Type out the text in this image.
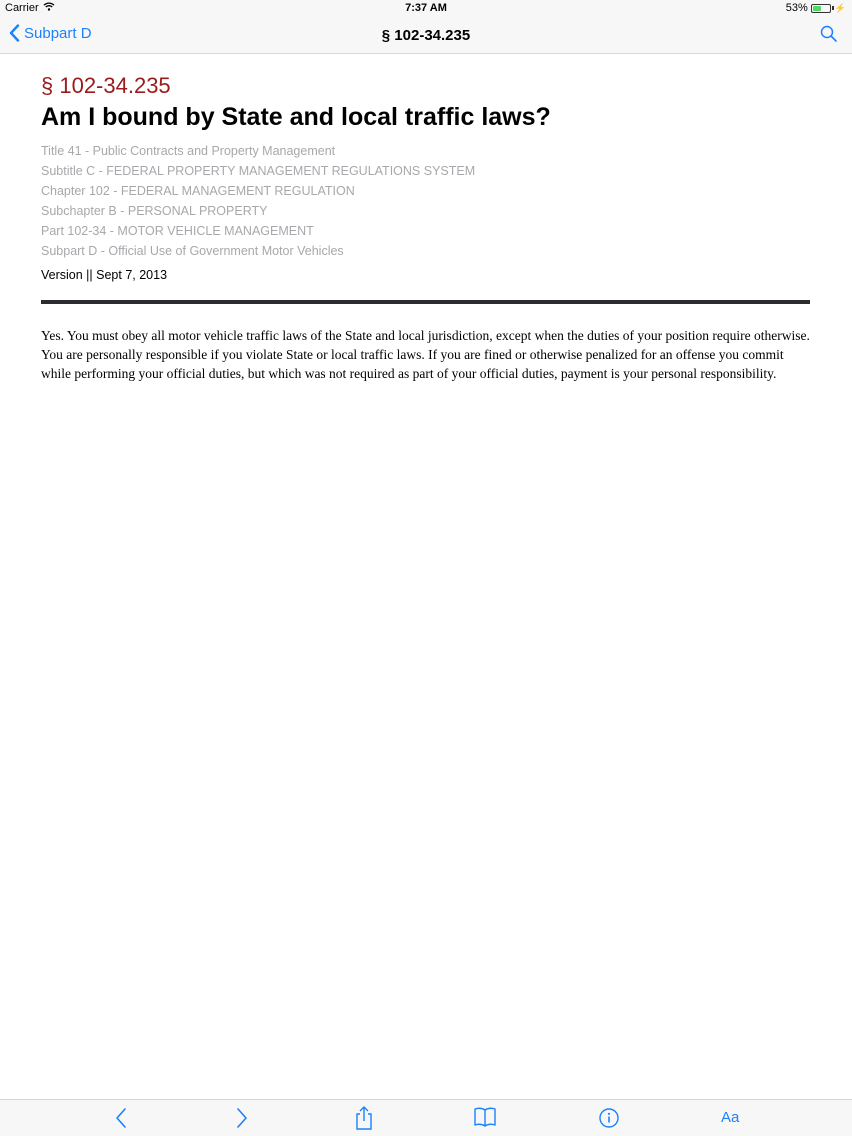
Carrier	7:37 AM	53%	⚡
Subpart D	§ 102-34.235
§ 102-34.235
Am I bound by State and local traffic laws?
Title 41 - Public Contracts and Property Management
Subtitle C - FEDERAL PROPERTY MANAGEMENT REGULATIONS SYSTEM
Chapter 102 - FEDERAL MANAGEMENT REGULATION
Subchapter B - PERSONAL PROPERTY
Part 102-34 - MOTOR VEHICLE MANAGEMENT
Subpart D - Official Use of Government Motor Vehicles
Version || Sept 7, 2013
Yes. You must obey all motor vehicle traffic laws of the State and local jurisdiction, except when the duties of your position require otherwise. You are personally responsible if you violate State or local traffic laws. If you are fined or otherwise penalized for an offense you commit while performing your official duties, but which was not required as part of your official duties, payment is your personal responsibility.
Aa
